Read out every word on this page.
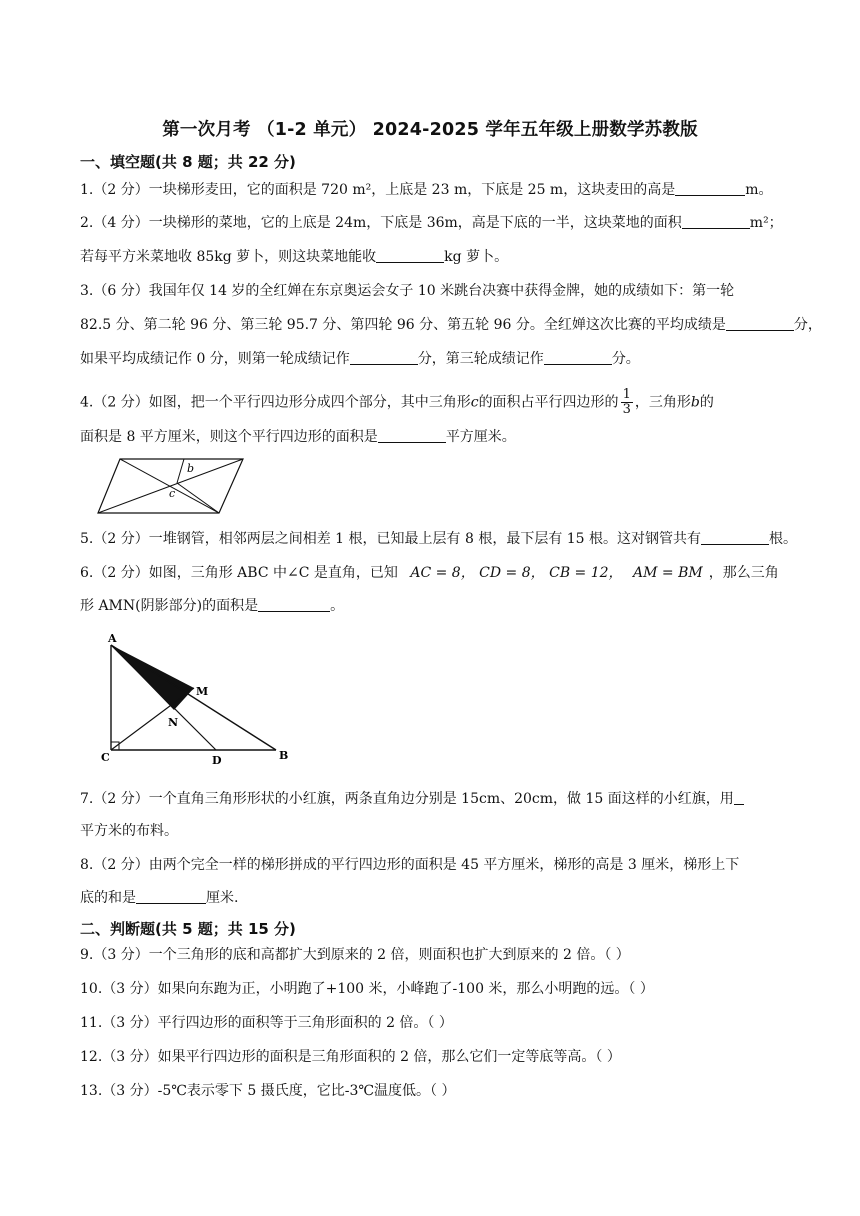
第一次月考 （1-2 单元） 2024-2025 学年五年级上册数学苏教版
一、填空题(共 8 题；共 22 分)
1.（2 分）一块梯形麦田，它的面积是 720 m²，上底是 23 m，下底是 25 m，这块麦田的高是	m。
2.（4 分）一块梯形的菜地，它的上底是 24m，下底是 36m，高是下底的一半，这块菜地的面积	m²；
若每平方米菜地收 85kg 萝卜，则这块菜地能收	kg 萝卜。
3.（6 分）我国年仅 14 岁的全红婵在东京奥运会女子 10 米跳台决赛中获得金牌，她的成绩如下：第一轮
82.5 分、第二轮 96 分、第三轮 95.7 分、第四轮 96 分、第五轮 96 分。全红婵这次比赛的平均成绩是	分，
如果平均成绩记作 0 分，则第一轮成绩记作	分，第三轮成绩记作	分。
4.（2 分）如图，把一个平行四边形分成四个部分，其中三角形c的面积占平行四边形的 $\frac{1}{3}$ ，三角形b的
面积是 8 平方厘米，则这个平行四边形的面积是	平方厘米。
b
c
5.（2 分）一堆钢管，相邻两层之间相差 1 根，已知最上层有 8 根，最下层有 15 根。这对钢管共有	根。
6.（2 分）如图，三角形 ABC 中∠C 是直角，已知 AC = 8， CD = 8， CB = 12， AM = BM ，那么三角
形 AMN(阴影部分)的面积是	。
A
M
N
C	D	B
7.（2 分）一个直角三角形形状的小红旗，两条直角边分别是 15cm、20cm，做 15 面这样的小红旗，用
平方米的布料。
8.（2 分）由两个完全一样的梯形拼成的平行四边形的面积是 45 平方厘米，梯形的高是 3 厘米，梯形上下
底的和是	厘米.
二、判断题(共 5 题；共 15 分)
9.（3 分）一个三角形的底和高都扩大到原来的 2 倍，则面积也扩大到原来的 2 倍。（ ）
10.（3 分）如果向东跑为正，小明跑了+100 米，小峰跑了-100 米，那么小明跑的远。（ ）
11.（3 分）平行四边形的面积等于三角形面积的 2 倍。（ ）
12.（3 分）如果平行四边形的面积是三角形面积的 2 倍，那么它们一定等底等高。（ ）
13.（3 分）-5℃表示零下 5 摄氏度，它比-3℃温度低。（ ）
